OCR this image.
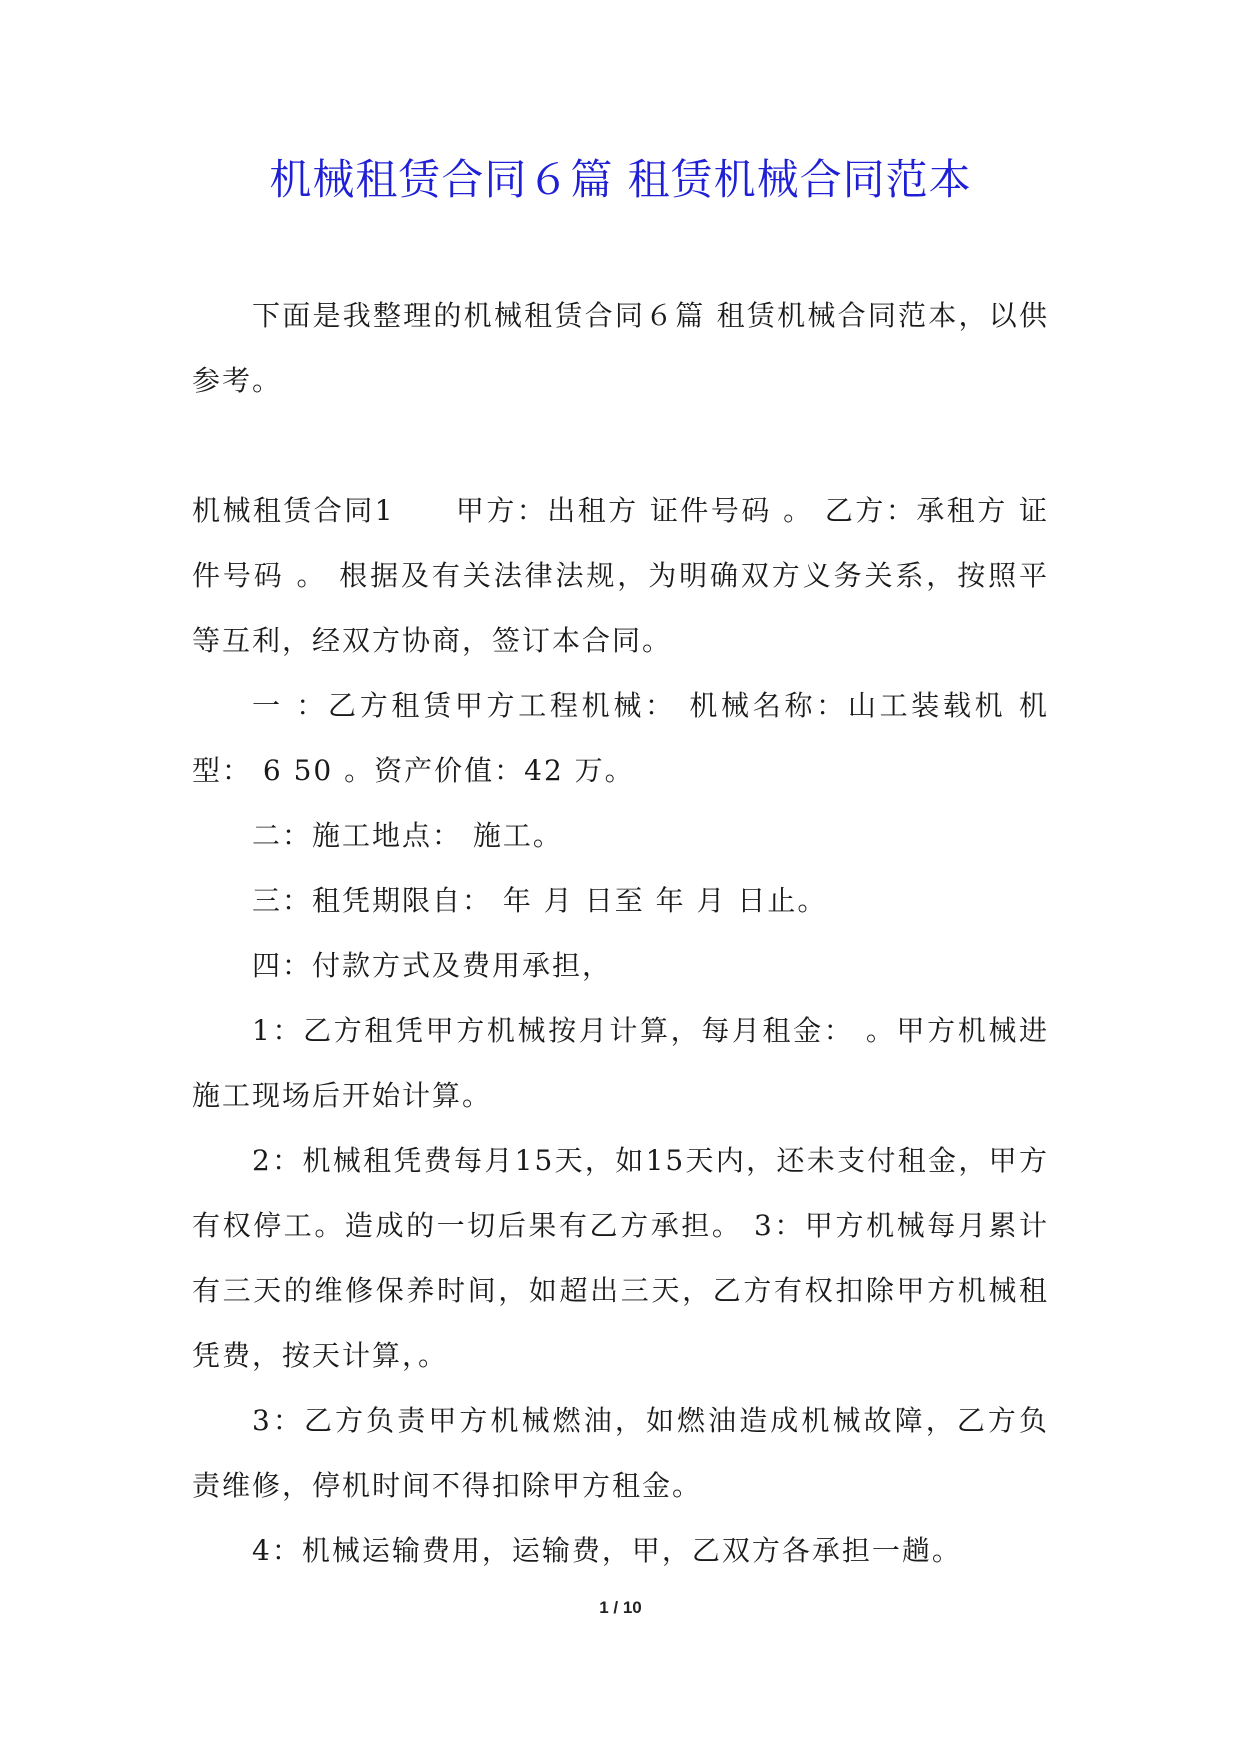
机械租赁合同６篇 租赁机械合同范本

下面是我整理的机械租赁合同６篇 租赁机械合同范本，以供参考。

机械租赁合同1　　甲方：出租方 证件号码 。 乙方：承租方 证件号码 。 根据及有关法律法规，为明确双方义务关系，按照平等互利，经双方协商，签订本合同。

一 ：乙方租赁甲方工程机械： 机械名称：山工装载机 机型： 6 50 。资产价值：42 万。

二：施工地点： 施工。

三：租凭期限自： 年 月 日至 年 月 日止。

四：付款方式及费用承担，

1：乙方租凭甲方机械按月计算，每月租金： 。甲方机械进施工现场后开始计算。

2：机械租凭费每月15天，如15天内，还未支付租金，甲方有权停工。造成的一切后果有乙方承担。 3：甲方机械每月累计有三天的维修保养时间，如超出三天，乙方有权扣除甲方机械租凭费，按天计算，。

3：乙方负责甲方机械燃油，如燃油造成机械故障，乙方负责维修，停机时间不得扣除甲方租金。

4：机械运输费用，运输费，甲，乙双方各承担一趟。

1 / 10
